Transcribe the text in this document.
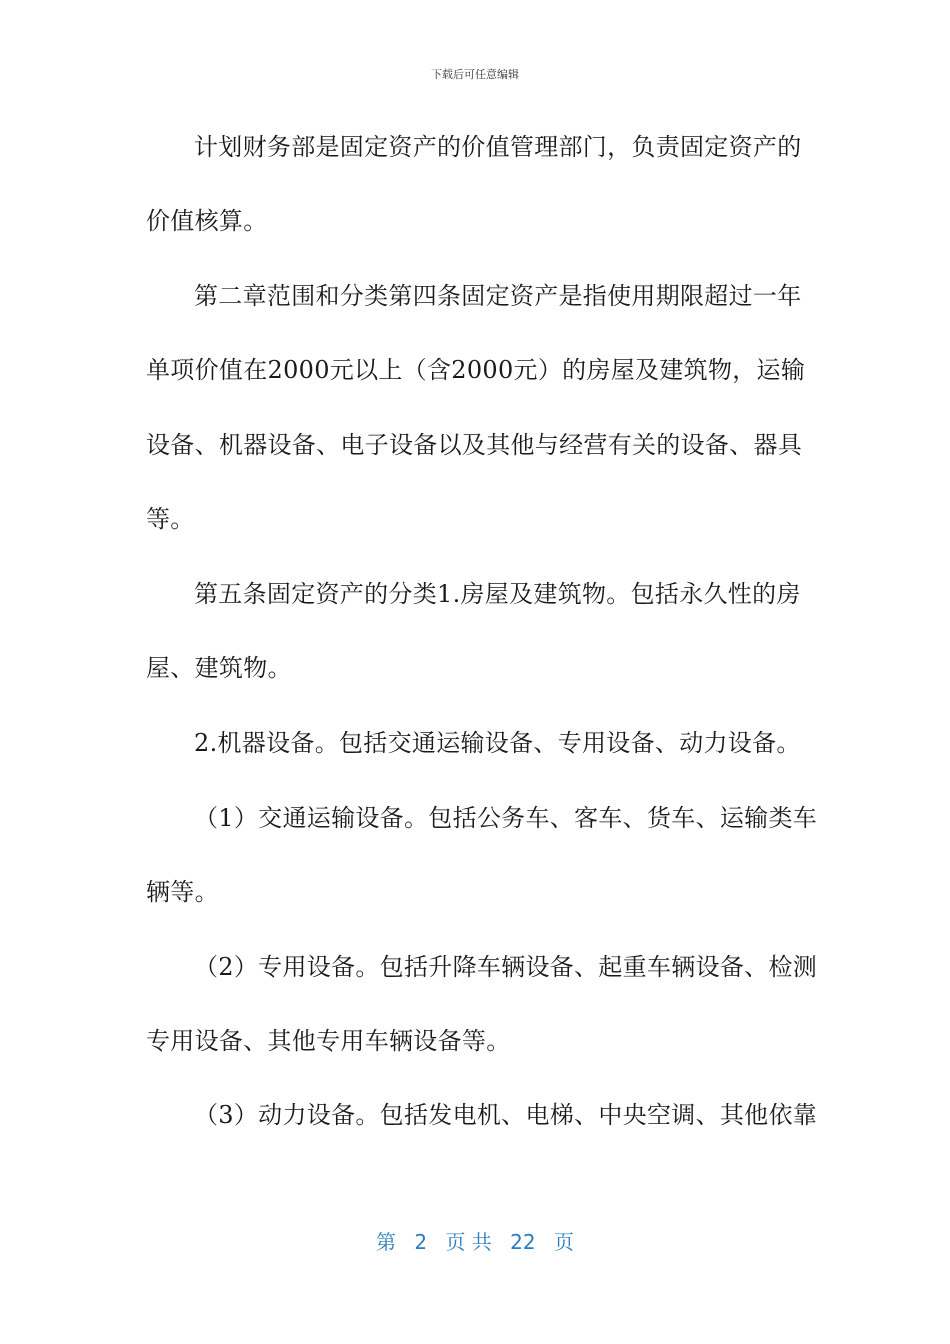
下载后可任意编辑
计划财务部是固定资产的价值管理部门，负责固定资产的
价值核算。
第二章范围和分类第四条固定资产是指使用期限超过一年
单项价值在2000元以上（含2000元）的房屋及建筑物，运输
设备、机器设备、电子设备以及其他与经营有关的设备、器具
等。
第五条固定资产的分类1.房屋及建筑物。包括永久性的房
屋、建筑物。
2.机器设备。包括交通运输设备、专用设备、动力设备。
（1）交通运输设备。包括公务车、客车、货车、运输类车
辆等。
（2）专用设备。包括升降车辆设备、起重车辆设备、检测
专用设备、其他专用车辆设备等。
（3）动力设备。包括发电机、电梯、中央空调、其他依靠
第 2 页 共 22 页
